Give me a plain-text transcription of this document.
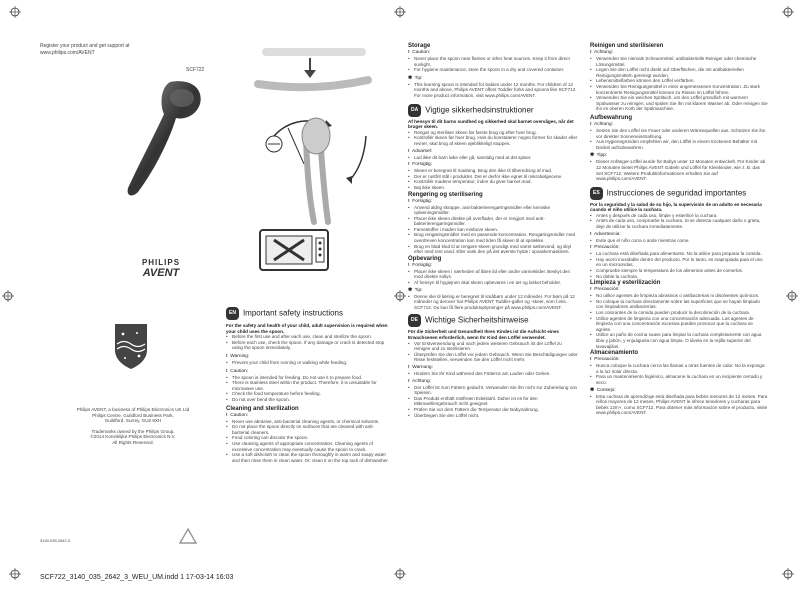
Register your product and get support at
www.philips.com/AVENT
SCF722
PHILIPS
AVENT
PHILIPS
Philips AVENT, a business of Philips Electronics UK Ltd
Philips Centre, Guildford Business Park,
Guildford, Surrey, GU2 8XH
Trademarks owned by the Philips Group.
©2014 Koninklijke Philips Electronics N.V.
All Rights Reserved.
3140.035.2642.3
EN Important safety instructions
For the safety and health of your child, adult supervision is required when your child uses the spoon.
• Before the first use and after each use, clean and sterilize the spoon.
• Before each use, check the spoon. If any damage or crack is detected stop using the spoon immediately.
! Warning:
• Prevent your child from running or walking while feeding.
! Caution:
• The spoon is intended for feeding. Do not use it to prepare food.
• There is stainless steel within the product. Therefore, it is unsuitable for microwave use.
• Check the food temperature before feeding.
• Do not over bend the spoon.
Cleaning and sterilization
! Caution:
• Never use abrasive, anti-bacterial cleaning agents, or chemical solvents.
• Do not place the spoon directly on surfaces that are cleaned with anti-bacterial cleaners.
• Food coloring can discolor the spoon.
• Use cleaning agents of appropriate concentration. Cleaning agents of excessive concentration may eventually cause the spoon to crack.
• Use a soft dishcloth to clean the spoon thoroughly in warm and soapy water and then rinse them in clean water. Or, clean it on the top rack of dishwasher.
Storage
! Caution:
• Never place the spoon near flames or other heat sources. Keep it from direct sunlight.
• For hygiene maintenance, store the spoon in a dry and covered container.
✱ Tip:
• This learning spoon is intended for babies under 12 months. For children of 12 months and above, Philips AVENT offers Toddler forks and spoons like SCF712. For more product information, visit www.philips.com/AVENT.
DA Vigtige sikkerhedsinstruktioner
Af hensyn til dit barns sundhed og sikkerhed skal barnet overvåges, når det bruger skeen.
• Rengør og steriliser skeen før første brug og efter hver brug.
• Kontrollér skeen før hver brug. Hvis du konstaterer nogen former for skader eller revner, skal brug af skeen øjeblikkeligt stoppes.
! Advarsel:
• Lad ikke dit barn løbe eller gå, samtidig med at det spiser.
! Forsigtig:
• Skeen er beregnet til madning. Brug den ikke til tilberedning af mad.
• Der er rustfrit stål i produktet. Det er derfor ikke egnet til mikrobølgeovne.
• Kontrollér madens temperatur, inden du giver barnet mad.
• Bøj ikke skeen.
Rengøring og sterilisering
! Forsigtig:
• Anvend aldrig skrappe, anti-bakterierengøringsmidler eller kemiske opløsningsmidler.
• Placer ikke skeen direkte på overflader, der er rengjort med anti-bakterierengøringsmidler.
• Farvestoffer i maden kan misfarve skeen.
• Brug rengøringsmidler med en passende koncentration. Rengøringsmidler med overdreven koncentration kan med tiden få skeen til at sprække.
• Brug en blød klud til at rengøre skeen grundigt med varmt sæbevand, og skyl efter med rent vand. Eller vask den på det øverste hylde i opvaskemaskinen.
Opbevaring
! Forsigtig:
• Placer ikke skeen i nærheden af åben ild eller andre varmekilder. Beskyt den mod direkte sollys.
• Af hensyn til hygiejnen skal skeen opbevares i en tør og lukket beholder.
✱ Tip:
• Denne ske til læring er beregnet til småbørn under 12 måneder. For børn på 12 måneder og derover har Philips AVENT Toddler-gafler og -skeer, som f.eks. SCF712. Du kan få flere produktoplysninger på www.philips.com/AVENT.
DE Wichtige Sicherheitshinweise
Für die Sicherheit und Gesundheit Ihres Kindes ist die Aufsicht eines Erwachsenen erforderlich, wenn Ihr Kind den Löffel verwendet.
• Vor Erstverwendung und nach jedem weiteren Gebrauch ist der Löffel zu reinigen und zu sterilisieren.
• Überprüfen Sie den Löffel vor jedem Gebrauch. Wenn Sie Beschädigungen oder Risse feststellen, verwenden Sie den Löffel nicht mehr.
! Warnung:
• Hindern Sie Ihr Kind während des Fütterns am Laufen oder Gehen.
! Achtung:
• Der Löffel ist zum Füttern gedacht. Verwenden Sie ihn nicht zur Zubereitung von Speisen.
• Das Produkt enthält rostfreien Edelstahl. Daher ist es für den Mikrowellengebrauch nicht geeignet.
• Prüfen Sie vor dem Füttern die Temperatur der Babynahrung.
• Überbiegen Sie den Löffel nicht.
Reinigen und sterilisieren
! Achtung:
• Verwenden Sie niemals Scheuermittel, antibakterielle Reiniger oder chemische Lösungsmittel.
• Legen Sie den Löffel nicht direkt auf Oberflächen, die mit antibakteriellen Reinigungsmitteln gereinigt wurden.
• Lebensmittelfarben können den Löffel verfärben.
• Verwenden Sie Reinigungsmittel in einer angemessenen Konzentration. Zu stark konzentrierte Reinigungsmittel können zu Rissen im Löffel führen.
• Verwenden Sie ein weiches Spültuch, um den Löffel gründlich mit warmem Spülwasser zu reinigen, und spülen Sie ihn mit klarem Wasser ab. Oder reinigen Sie ihn im oberen Korb der Spülmaschine.
Aufbewahrung
! Achtung:
• Setzen Sie den Löffel nie Feuer oder anderen Wärmequellen aus. Schützen Sie ihn vor direkter Sonneneinstrahlung.
• Aus Hygienegründen empfehlen wir, den Löffel in einem trockenen Behälter mit Deckel aufzubewahren.
✱ Tipp:
• Dieser Anfänger-Löffel wurde für Babys unter 12 Monaten entwickelt. Für Kinder ab 12 Monaten bietet Philips AVENT Gabeln und Löffel für Kleinkinder, wie z. B. das Set SCF712. Weitere Produktinformationen erhalten Sie auf www.philips.com/AVENT.
ES Instrucciones de seguridad importantes
Por la seguridad y la salud de su hijo, la supervisión de un adulto es necesaria cuando el niño utilice la cuchara.
• Antes y después de cada uso, limpie y esterilice la cuchara.
• Antes de cada uso, compruebe la cuchara. Si se detecta cualquier daño o grieta, deje de utilizar la cuchara inmediatamente.
! Advertencia:
• Evite que el niño corra o ande mientras come.
! Precaución:
• La cuchara está diseñada para alimentarse. No la utilice para preparar la comida.
• Hay acero inoxidable dentro del producto. Por lo tanto, es inapropiada para el uso en un microondas.
• Compruebe siempre la temperatura de los alimentos antes de comerlos.
• No doble la cuchara.
Limpieza y esterilización
! Precaución:
• No utilice agentes de limpieza abrasivos o antibacterias ni disolventes químicos.
• No coloque la cuchara directamente sobre las superficies que se hayan limpiado con limpiadores antibacterias.
• Los colorantes de la comida pueden producir la decoloración de la cuchara.
• Utilice agentes de limpieza con una concentración adecuada. Los agentes de limpieza con una concentración excesiva pueden provocar que la cuchara se agriete.
• Utilice un paño de cocina suave para limpiar la cuchara completamente con agua tibia y jabón, y enjuáguela con agua limpia. O lávela en la rejilla superior del lavavajillas.
Almacenamiento
! Precaución:
• Nunca coloque la cuchara cerca las llamas u otras fuentes de calor. No la exponga a la luz solar directa.
• Para un mantenimiento higiénico, almacene la cuchara en un recipiente cerrado y seco.
✱ Consejo:
• Esta cuchara de aprendizaje está diseñada para bebés menores de 12 meses. Para niños mayores de 12 meses, Philips AVENT le ofrece tenedores y cucharas para bebés 12m+, como SCF712. Para obtener más información sobre el producto, visite www.philips.com/AVENT.
SCF722_3140_035_2642_3_WEU_UM.indd 1 17-03-14 16:03
